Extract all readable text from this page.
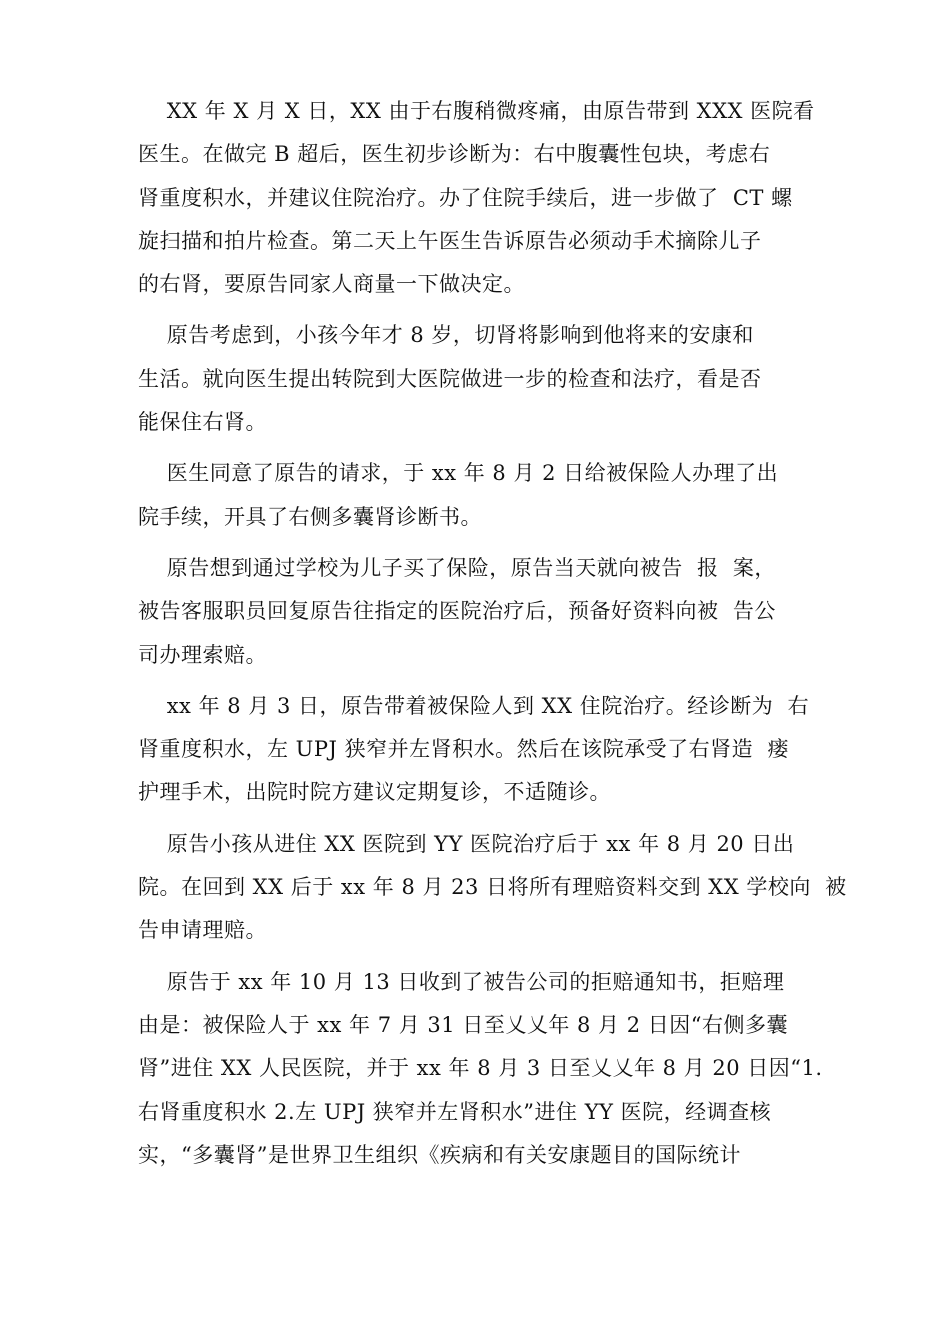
XX 年 X 月 X 日，XX 由于右腹稍微疼痛，由原告带到 XXX 医院看
医生。在做完 B 超后，医生初步诊断为：右中腹囊性包块，考虑右
肾重度积水，并建议住院治疗。办了住院手续后，进一步做了  CT 螺
旋扫描和拍片检查。第二天上午医生告诉原告必须动手术摘除儿子
的右肾，要原告同家人商量一下做决定。
原告考虑到，小孩今年才 8 岁，切肾将影响到他将来的安康和
生活。就向医生提出转院到大医院做进一步的检查和法疗，看是否
能保住右肾。
医生同意了原告的请求，于 xx 年 8 月 2 日给被保险人办理了出
院手续，开具了右侧多囊肾诊断书。
原告想到通过学校为儿子买了保险，原告当天就向被告  报  案，
被告客服职员回复原告往指定的医院治疗后，预备好资料向被  告公
司办理索赔。
xx 年 8 月 3 日，原告带着被保险人到 XX 住院治疗。经诊断为  右
肾重度积水，左 UPJ 狭窄并左肾积水。然后在该院承受了右肾造  瘘
护理手术，出院时院方建议定期复诊，不适随诊。
原告小孩从进住 XX 医院到 YY 医院治疗后于 xx 年 8 月 20 日出
院。在回到 XX 后于 xx 年 8 月 23 日将所有理赔资料交到 XX 学校向  被
告申请理赔。
原告于 xx 年 10 月 13 日收到了被告公司的拒赔通知书，拒赔理
由是：被保险人于 xx 年 7 月 31 日至乂乂年 8 月 2 日因“右侧多囊
肾”进住 XX 人民医院，并于 xx 年 8 月 3 日至乂乂年 8 月 20 日因“1.
右肾重度积水 2.左 UPJ 狭窄并左肾积水”进住 YY 医院，经调查核
实，“多囊肾”是世界卫生组织《疾病和有关安康题目的国际统计
